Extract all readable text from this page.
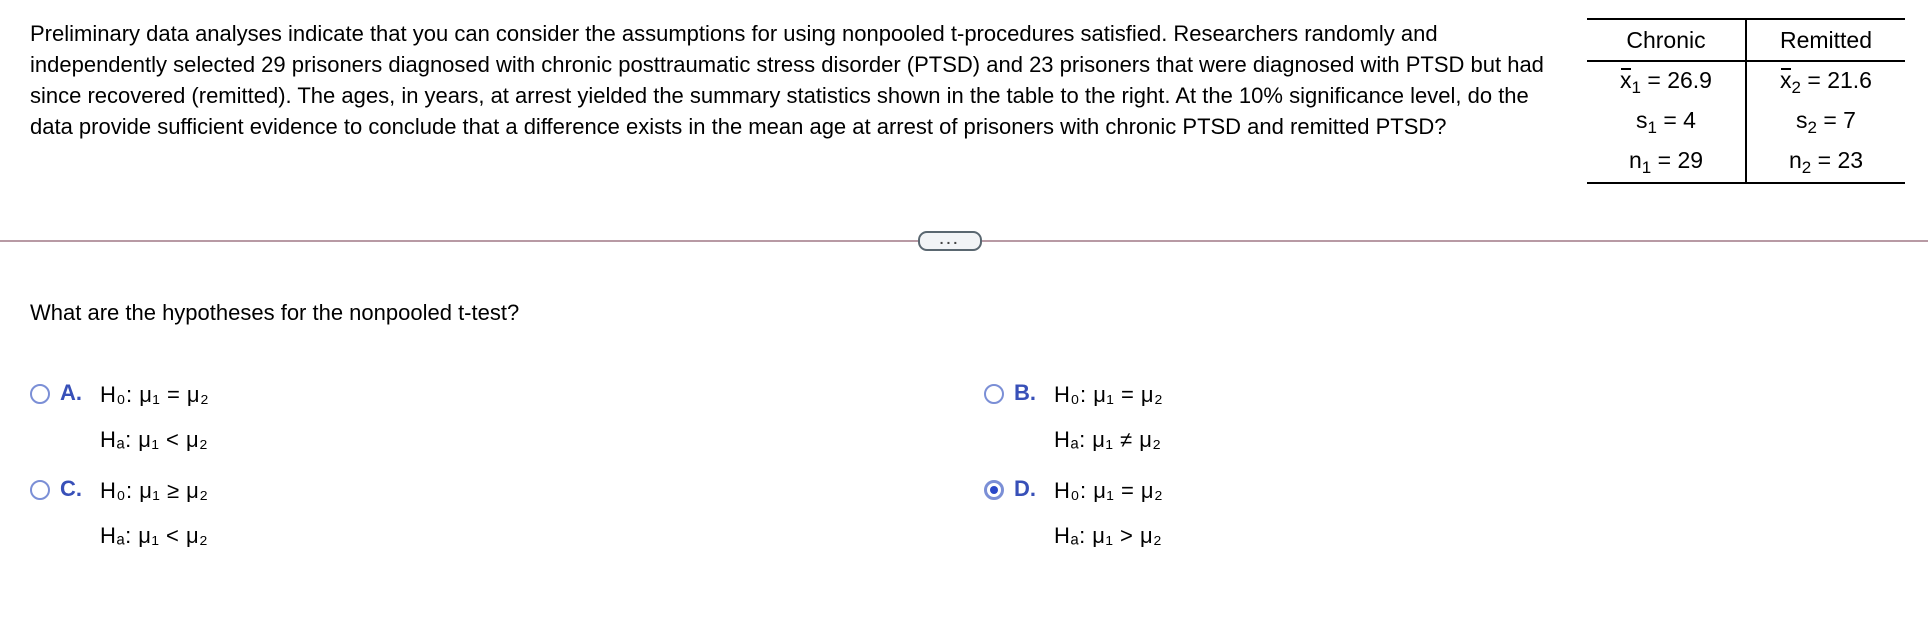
Preliminary data analyses indicate that you can consider the assumptions for using nonpooled t-procedures satisfied. Researchers randomly and independently selected 29 prisoners diagnosed with chronic posttraumatic stress disorder (PTSD) and 23 prisoners that were diagnosed with PTSD but had since recovered (remitted). The ages, in years, at arrest yielded the summary statistics shown in the table to the right. At the 10% significance level, do the data provide sufficient evidence to conclude that a difference exists in the mean age at arrest of prisoners with chronic PTSD and remitted PTSD?
Chronic	Remitted
$x_1 = 26.9$	$x_2 = 21.6$
$s_1 = 4$	$s_2 = 7$
$n_1 = 29$	$n_2 = 23$
...
What are the hypotheses for the nonpooled t-test?
A. H₀: μ₁ = μ₂
Hₐ: μ₁ < μ₂
B. H₀: μ₁ = μ₂
Hₐ: μ₁ ≠ μ₂
C. H₀: μ₁ ≥ μ₂
Hₐ: μ₁ < μ₂
D. H₀: μ₁ = μ₂
Hₐ: μ₁ > μ₂
